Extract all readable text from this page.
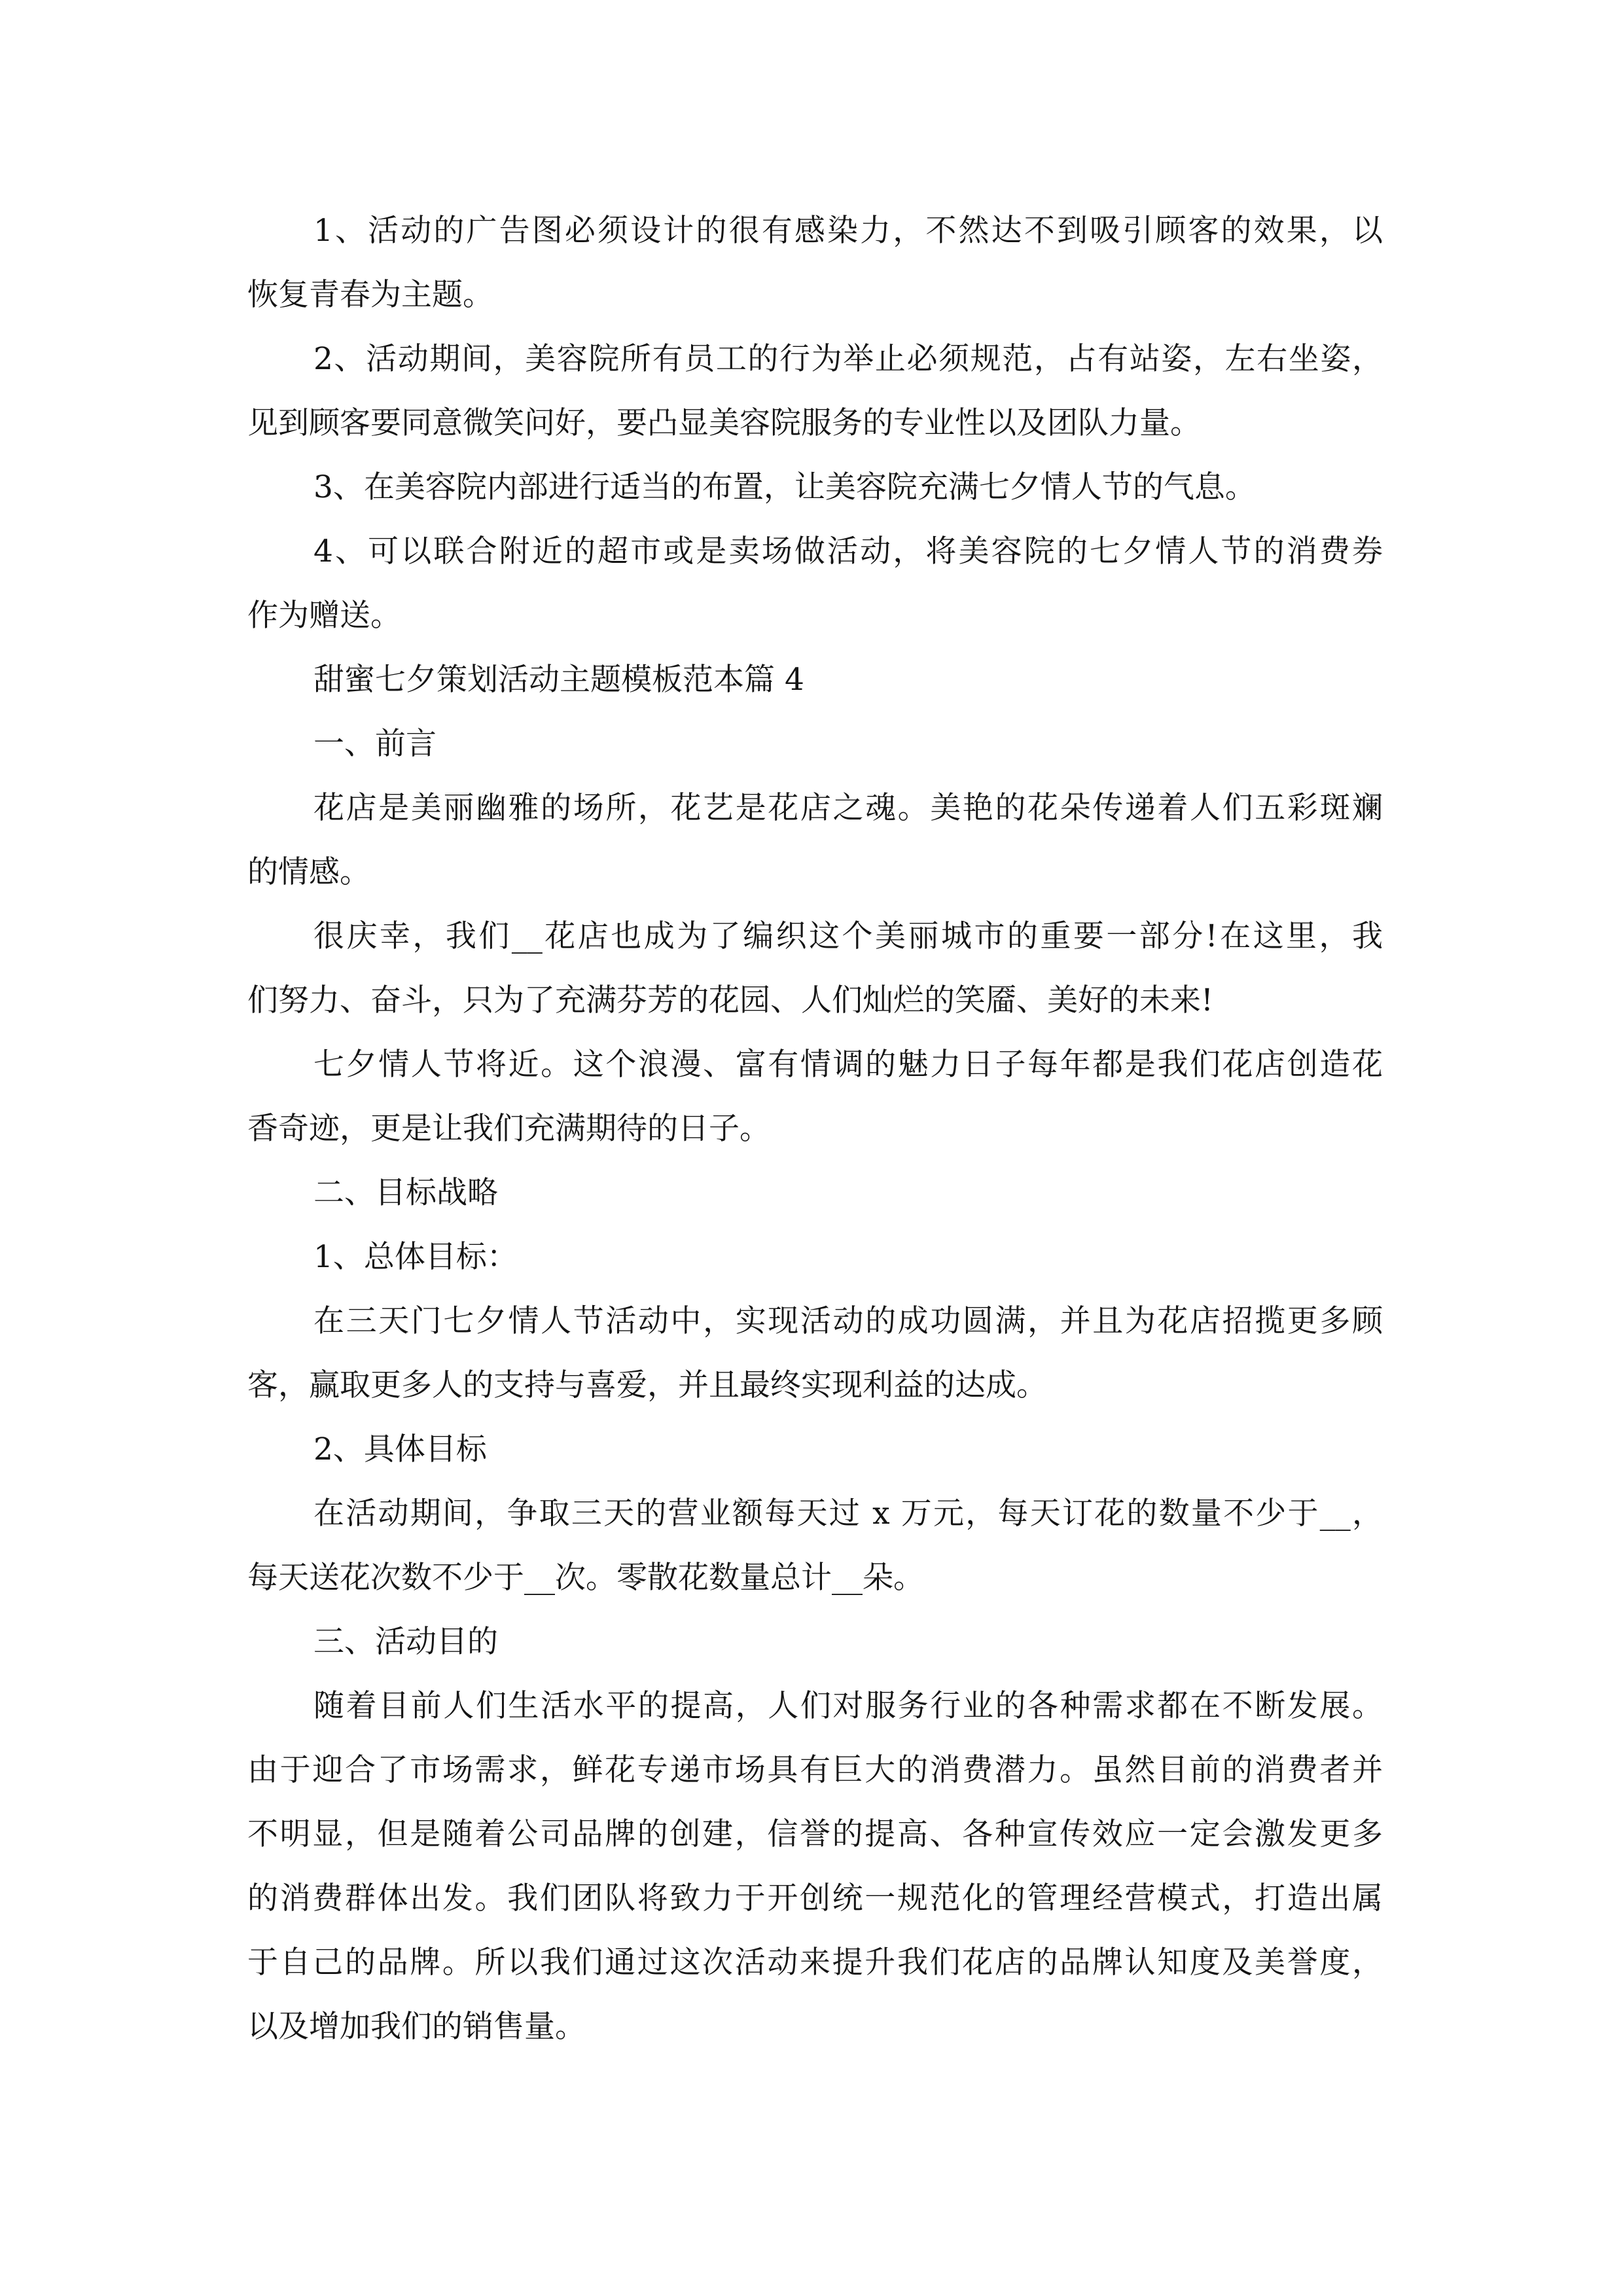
1、活动的广告图必须设计的很有感染力，不然达不到吸引顾客的效果，以
恢复青春为主题。
2、活动期间，美容院所有员工的行为举止必须规范，占有站姿，左右坐姿，
见到顾客要同意微笑问好，要凸显美容院服务的专业性以及团队力量。
3、在美容院内部进行适当的布置，让美容院充满七夕情人节的气息。
4、可以联合附近的超市或是卖场做活动，将美容院的七夕情人节的消费券
作为赠送。
甜蜜七夕策划活动主题模板范本篇 4
一、前言
花店是美丽幽雅的场所，花艺是花店之魂。美艳的花朵传递着人们五彩斑斓
的情感。
很庆幸，我们__花店也成为了编织这个美丽城市的重要一部分!在这里，我
们努力、奋斗，只为了充满芬芳的花园、人们灿烂的笑靥、美好的未来!
七夕情人节将近。这个浪漫、富有情调的魅力日子每年都是我们花店创造花
香奇迹，更是让我们充满期待的日子。
二、目标战略
1、总体目标：
在三天门七夕情人节活动中，实现活动的成功圆满，并且为花店招揽更多顾
客，赢取更多人的支持与喜爱，并且最终实现利益的达成。
2、具体目标
在活动期间，争取三天的营业额每天过 x 万元，每天订花的数量不少于__，
每天送花次数不少于__次。零散花数量总计__朵。
三、活动目的
随着目前人们生活水平的提高，人们对服务行业的各种需求都在不断发展。
由于迎合了市场需求，鲜花专递市场具有巨大的消费潜力。虽然目前的消费者并
不明显，但是随着公司品牌的创建，信誉的提高、各种宣传效应一定会激发更多
的消费群体出发。我们团队将致力于开创统一规范化的管理经营模式，打造出属
于自己的品牌。所以我们通过这次活动来提升我们花店的品牌认知度及美誉度，
以及增加我们的销售量。
